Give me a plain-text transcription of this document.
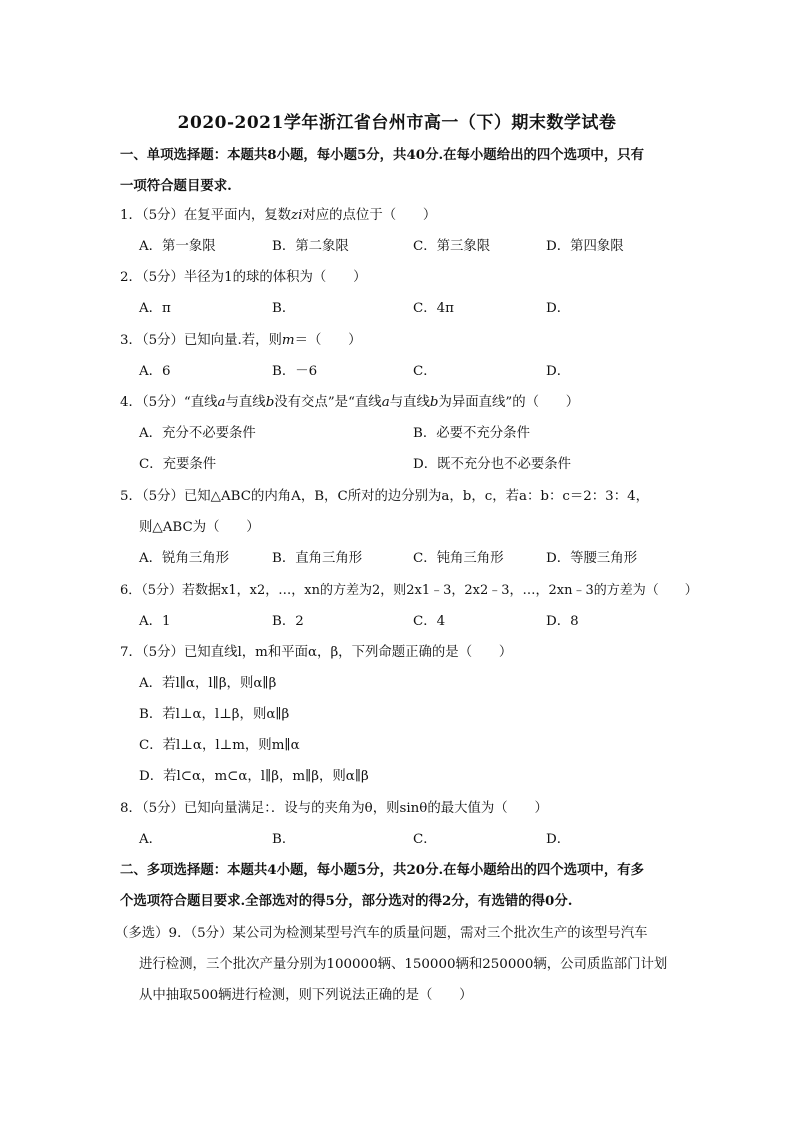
2020-2021学年浙江省台州市高一（下）期末数学试卷
一、单项选择题：本题共8小题，每小题5分，共40分.在每小题给出的四个选项中，只有
一项符合题目要求.
1．（5分）在复平面内，复数zi对应的点位于（　　）
A．第一象限	B．第二象限	C．第三象限	D．第四象限
2．（5分）半径为1的球的体积为（　　）
A．π	B．	C．4π	D．
3．（5分）已知向量.若，则m＝（　　）
A．6	B．－6	C．	D．
4．（5分）“直线a与直线b没有交点”是“直线a与直线b为异面直线”的（　　）
A．充分不必要条件	B．必要不充分条件
C．充要条件	D．既不充分也不必要条件
5．（5分）已知△ABC的内角A，B，C所对的边分别为a，b，c，若a：b：c＝2：3：4，
则△ABC为（　　）
A．锐角三角形	B．直角三角形	C．钝角三角形	D．等腰三角形
6．（5分）若数据x1，x2，…，xn的方差为2，则2x1﹣3，2x2﹣3，…，2xn﹣3的方差为（　　）
A．1	B．2	C．4	D．8
7．（5分）已知直线l，m和平面α，β，下列命题正确的是（　　）
A．若l∥α，l∥β，则α∥β
B．若l⊥α，l⊥β，则α∥β
C．若l⊥α，l⊥m，则m∥α
D．若l⊂α，m⊂α，l∥β，m∥β，则α∥β
8．（5分）已知向量满足：．设与的夹角为θ，则sinθ的最大值为（　　）
A．	B．	C．	D．
二、多项选择题：本题共4小题，每小题5分，共20分.在每小题给出的四个选项中，有多
个选项符合题目要求.全部选对的得5分，部分选对的得2分，有选错的得0分.
（多选）9．（5分）某公司为检测某型号汽车的质量问题，需对三个批次生产的该型号汽车
进行检测，三个批次产量分别为100000辆、150000辆和250000辆，公司质监部门计划
从中抽取500辆进行检测，则下列说法正确的是（　　）
